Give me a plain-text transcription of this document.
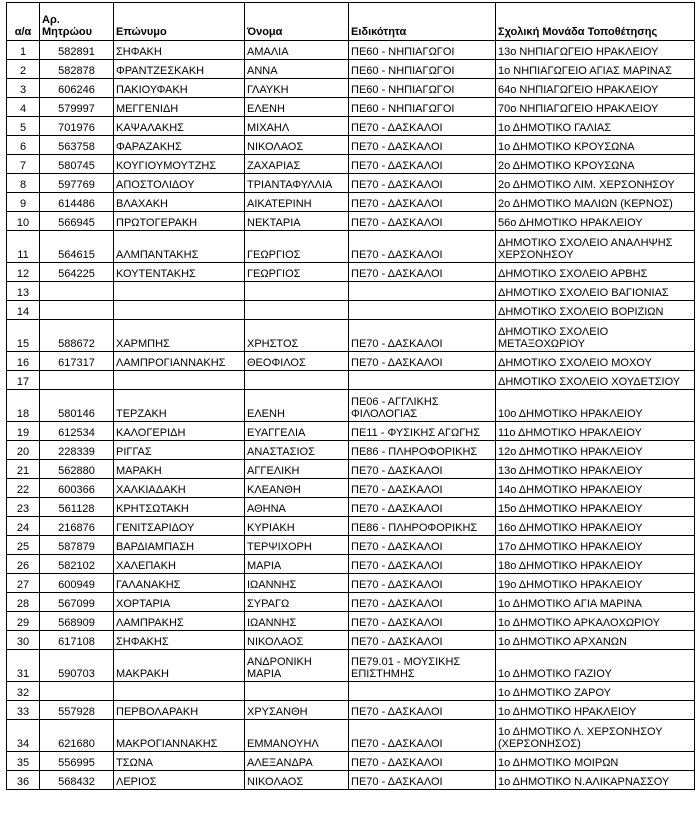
α/α	Αρ. Μητρώου	Επώνυμο	Όνομα	Ειδικότητα	Σχολική Μονάδα Τοποθέτησης
1	582891	ΣΗΦΑΚΗ	ΑΜΑΛΙΑ	ΠΕ60 - ΝΗΠΙΑΓΩΓΟΙ	13ο ΝΗΠΙΑΓΩΓΕΙΟ ΗΡΑΚΛΕΙΟΥ
2	582878	ΦΡΑΝΤΖΕΣΚΑΚΗ	ΑΝΝΑ	ΠΕ60 - ΝΗΠΙΑΓΩΓΟΙ	1ο ΝΗΠΙΑΓΩΓΕΙΟ ΑΓΙΑΣ ΜΑΡΙΝΑΣ
3	606246	ΠΑΚΙΟΥΦΑΚΗ	ΓΛΑΥΚΗ	ΠΕ60 - ΝΗΠΙΑΓΩΓΟΙ	64ο ΝΗΠΙΑΓΩΓΕΙΟ ΗΡΑΚΛΕΙΟΥ
4	579997	ΜΕΓΓΕΝΙΔΗ	ΕΛΕΝΗ	ΠΕ60 - ΝΗΠΙΑΓΩΓΟΙ	70ο ΝΗΠΙΑΓΩΓΕΙΟ ΗΡΑΚΛΕΙΟΥ
5	701976	ΚΑΨΑΛΑΚΗΣ	ΜΙΧΑΗΛ	ΠΕ70 - ΔΑΣΚΑΛΟΙ	1ο ΔΗΜΟΤΙΚΟ ΓΑΛΙΑΣ
6	563758	ΦΑΡΑΖΑΚΗΣ	ΝΙΚΟΛΑΟΣ	ΠΕ70 - ΔΑΣΚΑΛΟΙ	1ο ΔΗΜΟΤΙΚΟ ΚΡΟΥΣΩΝΑ
7	580745	ΚΟΥΓΙΟΥΜΟΥΤΖΗΣ	ΖΑΧΑΡΙΑΣ	ΠΕ70 - ΔΑΣΚΑΛΟΙ	2ο ΔΗΜΟΤΙΚΟ ΚΡΟΥΣΩΝΑ
8	597769	ΑΠΟΣΤΟΛΙΔΟΥ	ΤΡΙΑΝΤΑΦΥΛΛΙΑ	ΠΕ70 - ΔΑΣΚΑΛΟΙ	2ο ΔΗΜΟΤΙΚΟ ΛΙΜ. ΧΕΡΣΟΝΗΣΟΥ
9	614486	ΒΛΑΧΑΚΗ	ΑΙΚΑΤΕΡΙΝΗ	ΠΕ70 - ΔΑΣΚΑΛΟΙ	2ο ΔΗΜΟΤΙΚΟ ΜΑΛΙΩΝ (ΚΕΡΝΟΣ)
10	566945	ΠΡΩΤΟΓΕΡΑΚΗ	ΝΕΚΤΑΡΙΑ	ΠΕ70 - ΔΑΣΚΑΛΟΙ	56ο ΔΗΜΟΤΙΚΟ ΗΡΑΚΛΕΙΟΥ
11	564615	ΑΛΜΠΑΝΤΑΚΗΣ	ΓΕΩΡΓΙΟΣ	ΠΕ70 - ΔΑΣΚΑΛΟΙ	ΔΗΜΟΤΙΚΟ ΣΧΟΛΕΙΟ ΑΝΑΛΗΨΗΣ ΧΕΡΣΟΝΗΣΟΥ
12	564225	ΚΟΥΤΕΝΤΑΚΗΣ	ΓΕΩΡΓΙΟΣ	ΠΕ70 - ΔΑΣΚΑΛΟΙ	ΔΗΜΟΤΙΚΟ ΣΧΟΛΕΙΟ ΑΡΒΗΣ
13					ΔΗΜΟΤΙΚΟ ΣΧΟΛΕΙΟ ΒΑΓΙΟΝΙΑΣ
14					ΔΗΜΟΤΙΚΟ ΣΧΟΛΕΙΟ ΒΟΡΙΖΙΩΝ
15	588672	ΧΑΡΜΠΗΣ	ΧΡΗΣΤΟΣ	ΠΕ70 - ΔΑΣΚΑΛΟΙ	ΔΗΜΟΤΙΚΟ ΣΧΟΛΕΙΟ ΜΕΤΑΞΟΧΩΡΙΟΥ
16	617317	ΛΑΜΠΡΟΓΙΑΝΝΑΚΗΣ	ΘΕΟΦΙΛΟΣ	ΠΕ70 - ΔΑΣΚΑΛΟΙ	ΔΗΜΟΤΙΚΟ ΣΧΟΛΕΙΟ ΜΟΧΟΥ
17					ΔΗΜΟΤΙΚΟ ΣΧΟΛΕΙΟ ΧΟΥΔΕΤΣΙΟΥ
18	580146	ΤΕΡΖΑΚΗ	ΕΛΕΝΗ	ΠΕ06 - ΑΓΓΛΙΚΗΣ ΦΙΛΟΛΟΓΙΑΣ	10ο ΔΗΜΟΤΙΚΟ ΗΡΑΚΛΕΙΟΥ
19	612534	ΚΑΛΟΓΕΡΙΔΗ	ΕΥΑΓΓΕΛΙΑ	ΠΕ11 - ΦΥΣΙΚΗΣ ΑΓΩΓΗΣ	11ο ΔΗΜΟΤΙΚΟ ΗΡΑΚΛΕΙΟΥ
20	228339	ΡΙΓΓΑΣ	ΑΝΑΣΤΑΣΙΟΣ	ΠΕ86 - ΠΛΗΡΟΦΟΡΙΚΗΣ	12ο ΔΗΜΟΤΙΚΟ ΗΡΑΚΛΕΙΟΥ
21	562880	ΜΑΡΑΚΗ	ΑΓΓΕΛΙΚΗ	ΠΕ70 - ΔΑΣΚΑΛΟΙ	13ο ΔΗΜΟΤΙΚΟ ΗΡΑΚΛΕΙΟΥ
22	600366	ΧΑΛΚΙΑΔΑΚΗ	ΚΛΕΑΝΘΗ	ΠΕ70 - ΔΑΣΚΑΛΟΙ	14ο ΔΗΜΟΤΙΚΟ ΗΡΑΚΛΕΙΟΥ
23	561128	ΚΡΗΤΣΩΤΑΚΗ	ΑΘΗΝΑ	ΠΕ70 - ΔΑΣΚΑΛΟΙ	15ο ΔΗΜΟΤΙΚΟ ΗΡΑΚΛΕΙΟΥ
24	216876	ΓΕΝΙΤΣΑΡΙΔΟΥ	ΚΥΡΙΑΚΗ	ΠΕ86 - ΠΛΗΡΟΦΟΡΙΚΗΣ	16ο ΔΗΜΟΤΙΚΟ ΗΡΑΚΛΕΙΟΥ
25	587879	ΒΑΡΔΙΑΜΠΑΣΗ	ΤΕΡΨΙΧΟΡΗ	ΠΕ70 - ΔΑΣΚΑΛΟΙ	17ο ΔΗΜΟΤΙΚΟ ΗΡΑΚΛΕΙΟΥ
26	582102	ΧΑΛΕΠΑΚΗ	ΜΑΡΙΑ	ΠΕ70 - ΔΑΣΚΑΛΟΙ	18ο ΔΗΜΟΤΙΚΟ ΗΡΑΚΛΕΙΟΥ
27	600949	ΓΑΛΑΝΑΚΗΣ	ΙΩΑΝΝΗΣ	ΠΕ70 - ΔΑΣΚΑΛΟΙ	19ο ΔΗΜΟΤΙΚΟ ΗΡΑΚΛΕΙΟΥ
28	567099	ΧΟΡΤΑΡΙΑ	ΣΥΡΑΓΩ	ΠΕ70 - ΔΑΣΚΑΛΟΙ	1ο ΔΗΜΟΤΙΚΟ ΑΓΙΑ ΜΑΡΙΝΑ
29	568909	ΛΑΜΠΡΑΚΗΣ	ΙΩΑΝΝΗΣ	ΠΕ70 - ΔΑΣΚΑΛΟΙ	1ο ΔΗΜΟΤΙΚΟ ΑΡΚΑΛΟΧΩΡΙΟΥ
30	617108	ΣΗΦΑΚΗΣ	ΝΙΚΟΛΑΟΣ	ΠΕ70 - ΔΑΣΚΑΛΟΙ	1ο ΔΗΜΟΤΙΚΟ ΑΡΧΑΝΩΝ
31	590703	ΜΑΚΡΑΚΗ	ΑΝΔΡΟΝΙΚΗ ΜΑΡΙΑ	ΠΕ79.01 - ΜΟΥΣΙΚΗΣ ΕΠΙΣΤΗΜΗΣ	1ο ΔΗΜΟΤΙΚΟ ΓΑΖΙΟΥ
32					1ο ΔΗΜΟΤΙΚΟ ΖΑΡΟΥ
33	557928	ΠΕΡΒΟΛΑΡΑΚΗ	ΧΡΥΣΑΝΘΗ	ΠΕ70 - ΔΑΣΚΑΛΟΙ	1ο ΔΗΜΟΤΙΚΟ ΗΡΑΚΛΕΙΟΥ
34	621680	ΜΑΚΡΟΓΙΑΝΝΑΚΗΣ	ΕΜΜΑΝΟΥΗΛ	ΠΕ70 - ΔΑΣΚΑΛΟΙ	1ο ΔΗΜΟΤΙΚΟ Λ. ΧΕΡΣΟΝΗΣΟΥ (ΧΕΡΣΟΝΗΣΟΣ)
35	556995	ΤΣΩΝΑ	ΑΛΕΞΑΝΔΡΑ	ΠΕ70 - ΔΑΣΚΑΛΟΙ	1ο ΔΗΜΟΤΙΚΟ ΜΟΙΡΩΝ
36	568432	ΛΕΡΙΟΣ	ΝΙΚΟΛΑΟΣ	ΠΕ70 - ΔΑΣΚΑΛΟΙ	1ο ΔΗΜΟΤΙΚΟ Ν.ΑΛΙΚΑΡΝΑΣΣΟΥ
